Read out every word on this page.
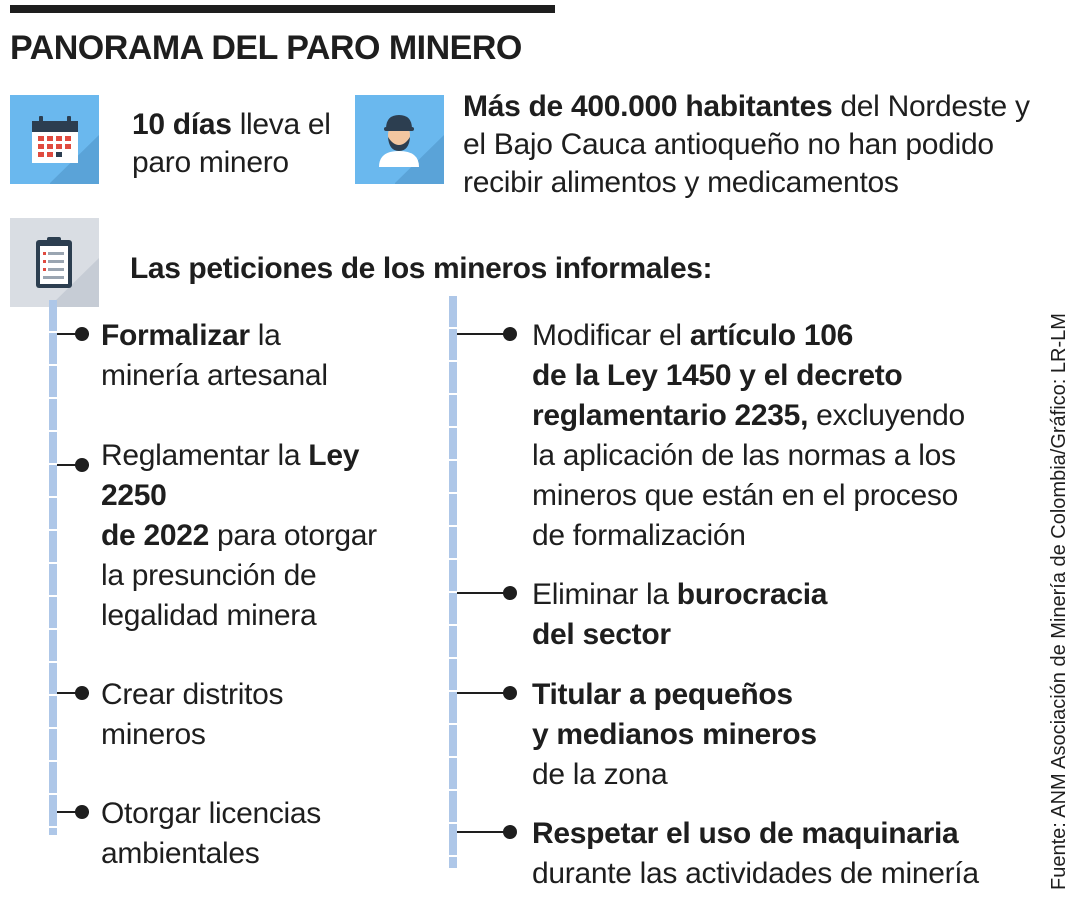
PANORAMA DEL PARO MINERO
10 días lleva el
paro minero
Más de 400.000 habitantes del Nordeste y
el Bajo Cauca antioqueño no han podido
recibir alimentos y medicamentos
Las peticiones de los mineros informales:
Formalizar la
minería artesanal
Reglamentar la Ley
2250
de 2022 para otorgar
la presunción de
legalidad minera
Crear distritos
mineros
Otorgar licencias
ambientales
Modificar el artículo 106
de la Ley 1450 y el decreto
reglamentario 2235, excluyendo
la aplicación de las normas a los
mineros que están en el proceso
de formalización
Eliminar la burocracia
del sector
Titular a pequeños
y medianos mineros
de la zona
Respetar el uso de maquinaria
durante las actividades de minería	Fuente: ANM Asociación de Minería de Colombia/Gráfico: LR-LM
